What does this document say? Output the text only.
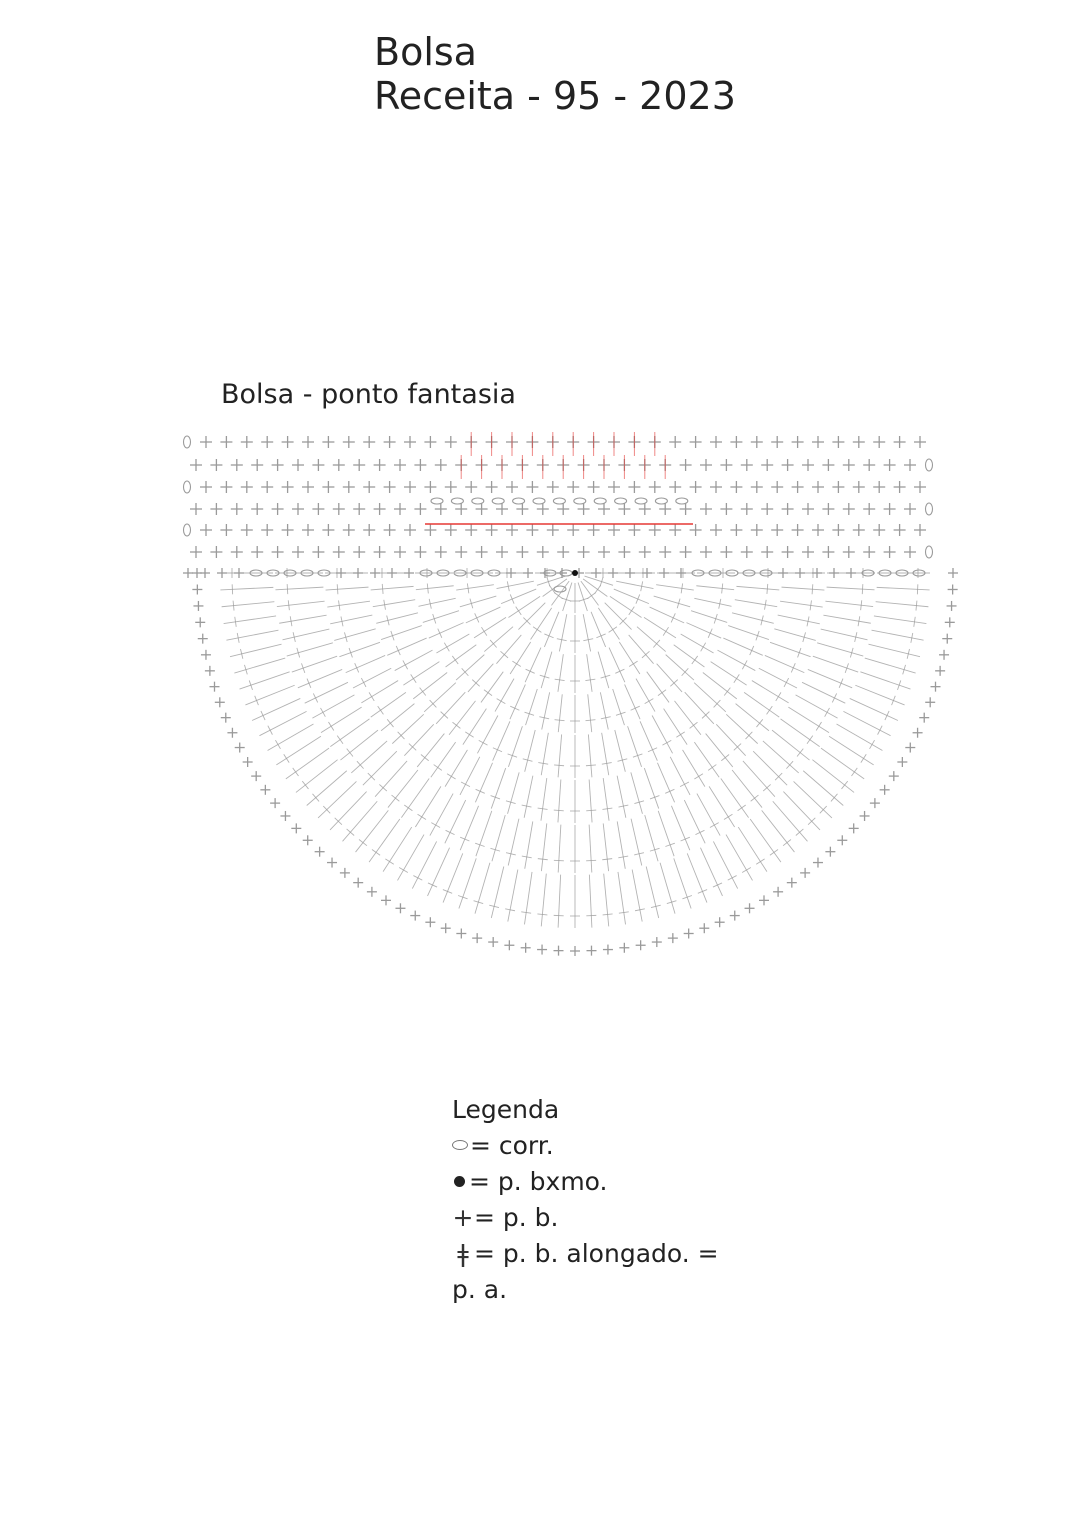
Bolsa
Receita - 95 - 2023
Bolsa - ponto fantasia
Legenda
= corr.
= p. bxmo.
+= p. b.
ǂ = p. b. alongado. =
p. a.
